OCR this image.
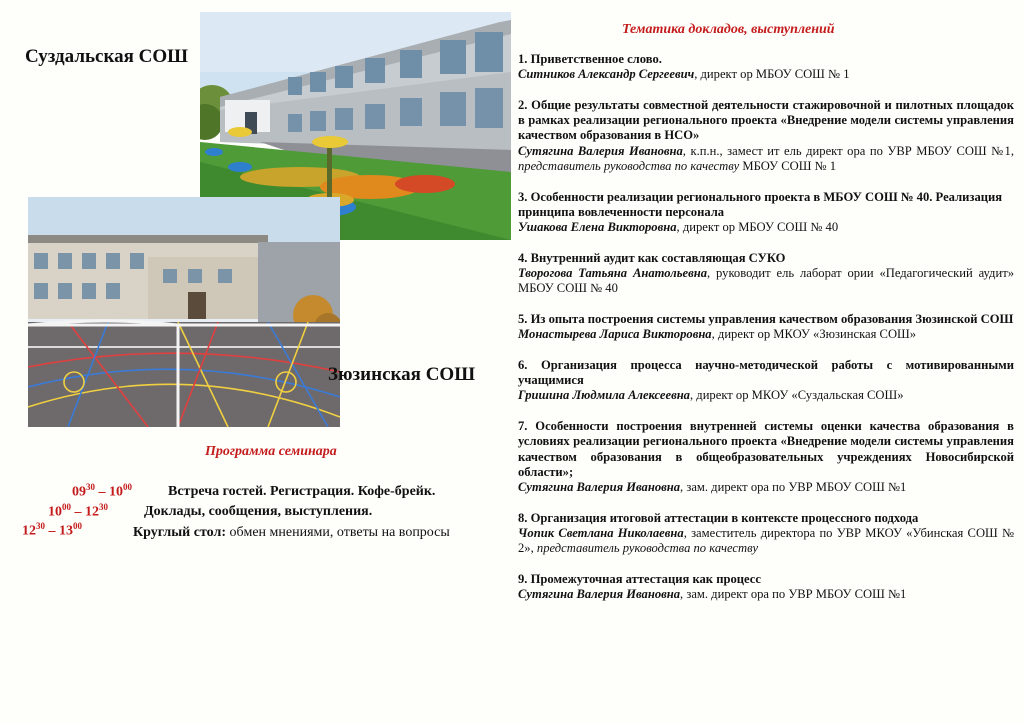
Суздальская СОШ
Зюзинская СОШ
Программа семинара
$09^{30} - 10^{00}$	Встреча гостей. Регистрация. Кофе-брейк.
$10^{00} - 12^{30}$	Доклады, сообщения, выступления.
$12^{30} - 13^{00}$	Круглый стол: обмен мнениями, ответы на вопросы
Тематика докладов, выступлений
1. Приветственное слово.
Ситников Александр Сергеевич, директ ор МБОУ СОШ № 1
2. Общие результаты совместной деятельности стажировочной и пилотных площадок в рамках реализации регионального проекта «Внедрение модели системы управления качеством образования в НСО»
Сутягина Валерия Ивановна, к.п.н., замест ит ель директ ора по УВР МБОУ СОШ №1, представитель руководства по качеству МБОУ СОШ № 1
3. Особенности реализации регионального проекта в МБОУ СОШ № 40. Реализация принципа вовлеченности персонала
Ушакова Елена Викторовна, директ ор МБОУ СОШ № 40
4. Внутренний аудит как составляющая СУКО
Творогова Татьяна Анатольевна, руководит ель лаборат ории «Педагогический аудит» МБОУ СОШ № 40
5. Из опыта построения системы управления качеством образования Зюзинской СОШ
Монастырева Лариса Викторовна, директ ор МКОУ «Зюзинская СОШ»
6. Организация процесса научно-методической работы с мотивированными учащимися
Гришина Людмила Алексеевна, директ ор МКОУ «Суздальская СОШ»
7. Особенности построения внутренней системы оценки качества образования в условиях реализации регионального проекта «Внедрение модели системы управления качеством образования в общеобразовательных учреждениях Новосибирской области»;
Сутягина Валерия Ивановна, зам. директ ора по УВР МБОУ СОШ №1
8. Организация итоговой аттестации в контексте процессного подхода
Чопик Светлана Николаевна, заместитель директора по УВР МКОУ «Убинская СОШ № 2», представитель руководства по качеству
9. Промежуточная аттестация как процесс
Сутягина Валерия Ивановна, зам. директ ора по УВР МБОУ СОШ №1
